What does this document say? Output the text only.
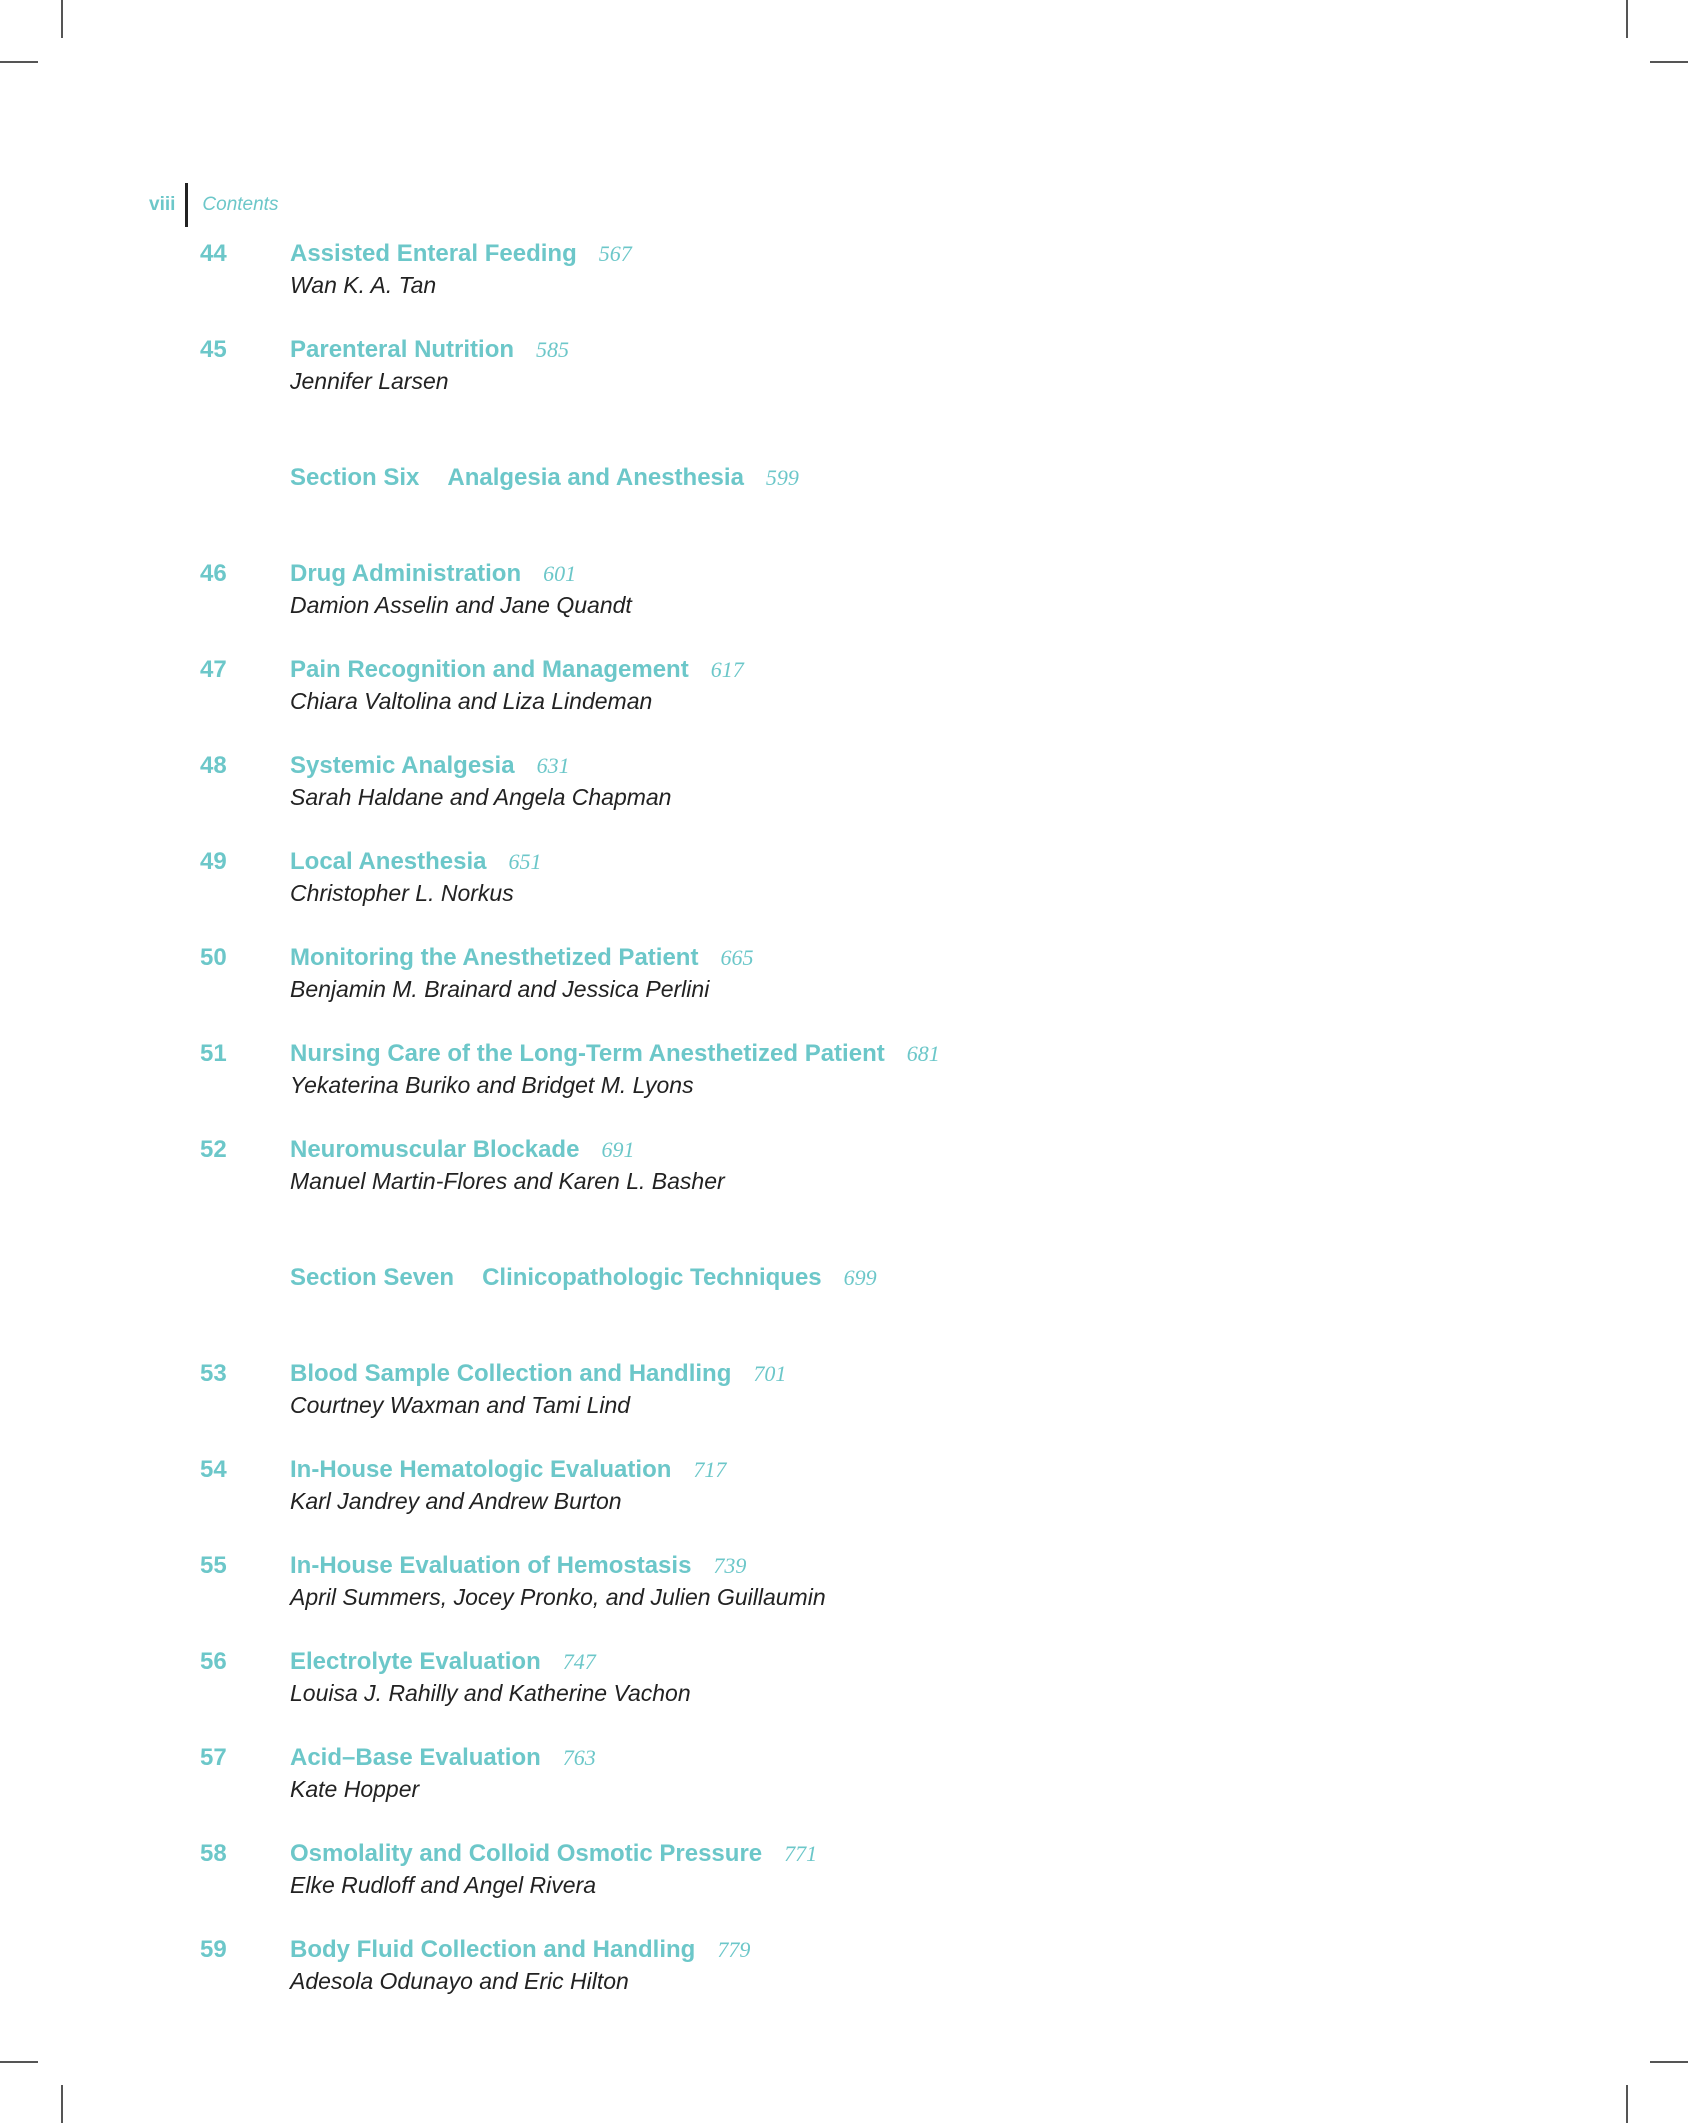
viii Contents
44	Assisted Enteral Feeding 567
Wan K. A. Tan
45	Parenteral Nutrition 585
Jennifer Larsen
Section Six Analgesia and Anesthesia 599
46	Drug Administration 601
Damion Asselin and Jane Quandt
47	Pain Recognition and Management 617
Chiara Valtolina and Liza Lindeman
48	Systemic Analgesia 631
Sarah Haldane and Angela Chapman
49	Local Anesthesia 651
Christopher L. Norkus
50	Monitoring the Anesthetized Patient 665
Benjamin M. Brainard and Jessica Perlini
51	Nursing Care of the Long-Term Anesthetized Patient 681
Yekaterina Buriko and Bridget M. Lyons
52	Neuromuscular Blockade 691
Manuel Martin-Flores and Karen L. Basher
Section Seven Clinicopathologic Techniques 699
53	Blood Sample Collection and Handling 701
Courtney Waxman and Tami Lind
54	In-House Hematologic Evaluation 717
Karl Jandrey and Andrew Burton
55	In-House Evaluation of Hemostasis 739
April Summers, Jocey Pronko, and Julien Guillaumin
56	Electrolyte Evaluation 747
Louisa J. Rahilly and Katherine Vachon
57	Acid–Base Evaluation 763
Kate Hopper
58	Osmolality and Colloid Osmotic Pressure 771
Elke Rudloff and Angel Rivera
59	Body Fluid Collection and Handling 779
Adesola Odunayo and Eric Hilton
